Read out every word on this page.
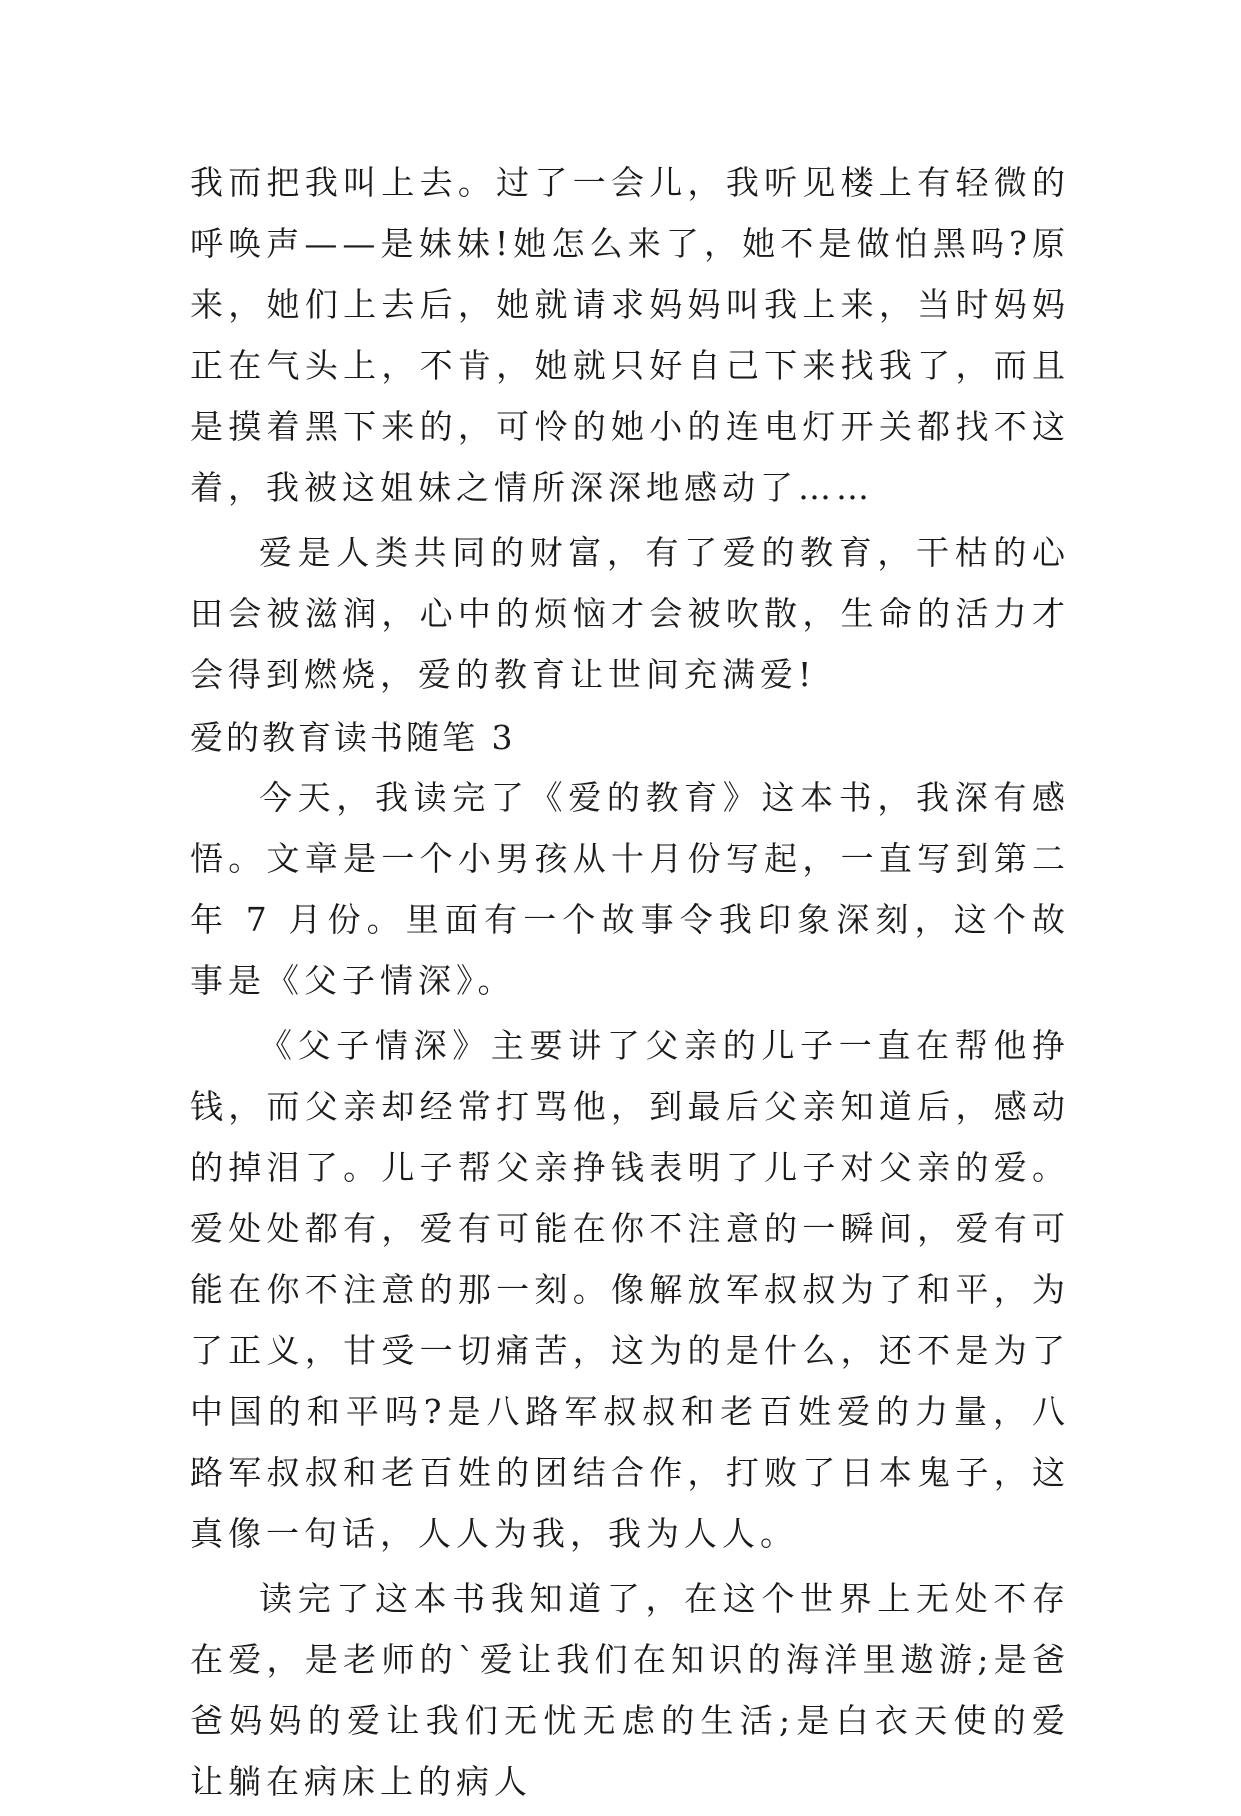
我而把我叫上去。过了一会儿，我听见楼上有轻微的呼唤声——是妹妹!她怎么来了，她不是做怕黑吗?原来，她们上去后，她就请求妈妈叫我上来，当时妈妈正在气头上，不肯，她就只好自己下来找我了，而且是摸着黑下来的，可怜的她小的连电灯开关都找不这着，我被这姐妹之情所深深地感动了……

爱是人类共同的财富，有了爱的教育，干枯的心田会被滋润，心中的烦恼才会被吹散，生命的活力才会得到燃烧，爱的教育让世间充满爱!

爱的教育读书随笔 3

今天，我读完了《爱的教育》这本书，我深有感悟。文章是一个小男孩从十月份写起，一直写到第二年 7 月份。里面有一个故事令我印象深刻，这个故事是《父子情深》。

《父子情深》主要讲了父亲的儿子一直在帮他挣钱，而父亲却经常打骂他，到最后父亲知道后，感动的掉泪了。儿子帮父亲挣钱表明了儿子对父亲的爱。爱处处都有，爱有可能在你不注意的一瞬间，爱有可能在你不注意的那一刻。像解放军叔叔为了和平，为了正义，甘受一切痛苦，这为的是什么，还不是为了中国的和平吗?是八路军叔叔和老百姓爱的力量，八路军叔叔和老百姓的团结合作，打败了日本鬼子，这真像一句话，人人为我，我为人人。

读完了这本书我知道了，在这个世界上无处不存在爱，是老师的`爱让我们在知识的海洋里遨游;是爸爸妈妈的爱让我们无忧无虑的生活;是白衣天使的爱让躺在病床上的病人
